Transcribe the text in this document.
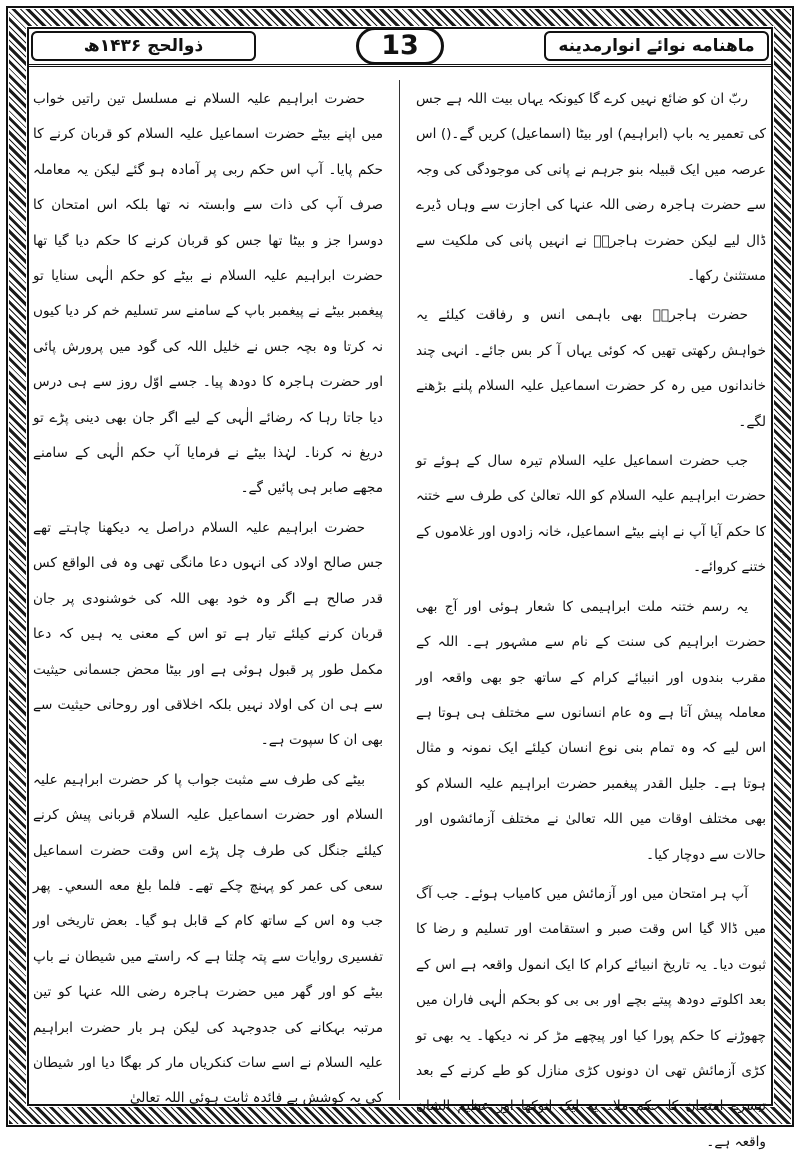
ماهنامه نوائے انوارمدینه
13
ذوالحج ۱۴۳۶ھ

ربّ ان کو ضائع نہیں کرے گا کیونکہ یہاں بیت اللہ ہے جس کی تعمیر یہ باپ (ابراہیم) اور بیٹا (اسماعیل) کریں گے۔() اس عرصہ میں ایک قبیلہ بنو جرہم نے پانی کی موجودگی کی وجہ سے حضرت ہاجرہ رضی اللہ عنہا کی اجازت سے وہاں ڈیرے ڈال لیے لیکن حضرت ہاجرہؓ نے انہیں پانی کی ملکیت سے مستثنیٰ رکھا۔

حضرت ہاجرہؓ بھی باہمی انس و رفاقت کیلئے یہ خواہش رکھتی تھیں کہ کوئی یہاں آ کر بس جائے۔ انہی چند خاندانوں میں رہ کر حضرت اسماعیل علیہ السلام پلنے بڑھنے لگے۔

جب حضرت اسماعیل علیہ السلام تیرہ سال کے ہوئے تو حضرت ابراہیم علیہ السلام کو اللہ تعالیٰ کی طرف سے ختنہ کا حکم آیا آپ نے اپنے بیٹے اسماعیل، خانہ زادوں اور غلاموں کے ختنے کروائے۔

یہ رسم ختنہ ملت ابراہیمی کا شعار ہوئی اور آج بھی حضرت ابراہیم کی سنت کے نام سے مشہور ہے۔ اللہ کے مقرب بندوں اور انبیائے کرام کے ساتھ جو بھی واقعہ اور معاملہ پیش آتا ہے وہ عام انسانوں سے مختلف ہی ہوتا ہے اس لیے کہ وہ تمام بنی نوع انسان کیلئے ایک نمونہ و مثال ہوتا ہے۔ جلیل القدر پیغمبر حضرت ابراہیم علیہ السلام کو بھی مختلف اوقات میں اللہ تعالیٰ نے مختلف آزمائشوں اور حالات سے دوچار کیا۔

آپ ہر امتحان میں اور آزمائش میں کامیاب ہوئے۔ جب آگ میں ڈالا گیا اس وقت صبر و استقامت اور تسلیم و رضا کا ثبوت دیا۔ یہ تاریخ انبیائے کرام کا ایک انمول واقعہ ہے اس کے بعد اکلوتے دودھ پیتے بچے اور بی بی کو بحکم الٰہی فاران میں چھوڑنے کا حکم پورا کیا اور پیچھے مڑ کر نہ دیکھا۔ یہ بھی تو کڑی آزمائش تھی ان دونوں کڑی منازل کو طے کرنے کے بعد تیسرے امتحان کا حکم ملا۔ یہ ایک انوکھا اور عظیم الشان واقعہ ہے۔

حضرت ابراہیم علیہ السلام نے مسلسل تین راتیں خواب میں اپنے بیٹے حضرت اسماعیل علیہ السلام کو قربان کرنے کا حکم پایا۔ آپ اس حکم ربی پر آمادہ ہو گئے لیکن یہ معاملہ صرف آپ کی ذات سے وابستہ نہ تھا بلکہ اس امتحان کا دوسرا جز و بیٹا تھا جس کو قربان کرنے کا حکم دیا گیا تھا حضرت ابراہیم علیہ السلام نے بیٹے کو حکم الٰہی سنایا تو پیغمبر بیٹے نے پیغمبر باپ کے سامنے سر تسلیم خم کر دیا کیوں نہ کرتا وہ بچہ جس نے خلیل اللہ کی گود میں پرورش پائی اور حضرت ہاجرہ کا دودھ پیا۔ جسے اوّل روز سے ہی درس دیا جاتا رہا کہ رضائے الٰہی کے لیے اگر جان بھی دینی پڑے تو دریغ نہ کرنا۔ لہٰذا بیٹے نے فرمایا آپ حکم الٰہی کے سامنے مجھے صابر ہی پائیں گے۔

حضرت ابراہیم علیہ السلام دراصل یہ دیکھنا چاہتے تھے جس صالح اولاد کی انہوں دعا مانگی تھی وہ فی الواقع کس قدر صالح ہے اگر وہ خود بھی اللہ کی خوشنودی پر جان قربان کرنے کیلئے تیار ہے تو اس کے معنی یہ ہیں کہ دعا مکمل طور پر قبول ہوئی ہے اور بیٹا محض جسمانی حیثیت سے ہی ان کی اولاد نہیں بلکہ اخلاقی اور روحانی حیثیت سے بھی ان کا سپوت ہے۔

بیٹے کی طرف سے مثبت جواب پا کر حضرت ابراہیم علیہ السلام اور حضرت اسماعیل علیہ السلام قربانی پیش کرنے کیلئے جنگل کی طرف چل پڑے اس وقت حضرت اسماعیل سعی کی عمر کو پہنچ چکے تھے۔ فلما بلغ معه السعي۔ پھر جب وہ اس کے ساتھ کام کے قابل ہو گیا۔ بعض تاریخی اور تفسیری روایات سے پتہ چلتا ہے کہ راستے میں شیطان نے باپ بیٹے کو اور گھر میں حضرت ہاجرہ رضی اللہ عنہا کو تین مرتبہ بہکانے کی جدوجہد کی لیکن ہر بار حضرت ابراہیم علیہ السلام نے اسے سات کنکریاں مار کر بھگا دیا اور شیطان کی یہ کوشش بے فائدہ ثابت ہوئی اللہ تعالیٰ
